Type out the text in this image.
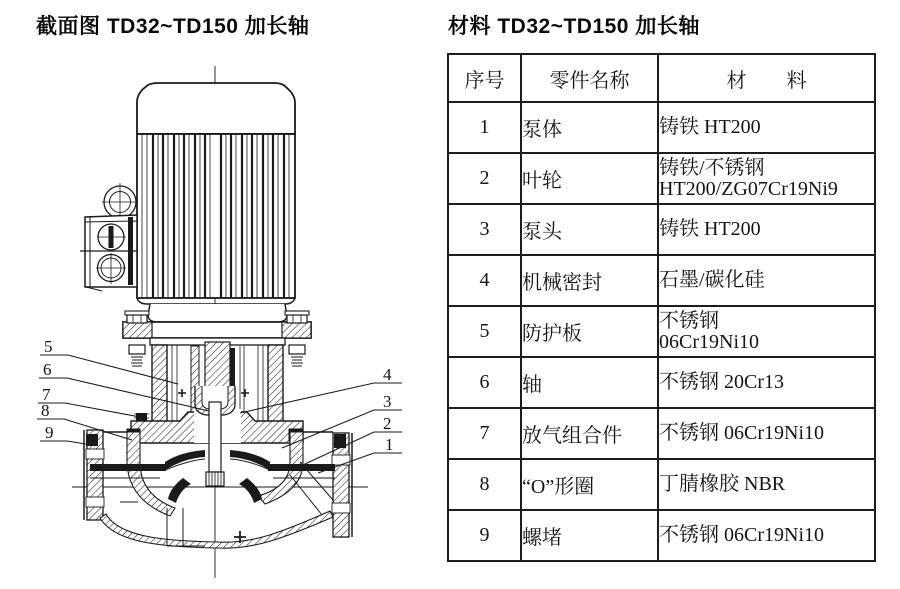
截面图 TD32~TD150 加长轴	材料 TD32~TD150 加长轴
序号	零件名称	材　　料
1	泵体	铸铁 HT200

2	叶轮	铸铁/不锈钢
HT200/ZG07Cr19Ni9

3	泵头	铸铁 HT200

4	机械密封	石墨/碳化硅

5	防护板	不锈钢
06Cr19Ni10

6	轴	不锈钢 20Cr13

7	放气组合件	不锈钢 06Cr19Ni10

8	“O”形圈	丁腈橡胶 NBR

9	螺堵	不锈钢 06Cr19Ni10
5
6
7
8
9
4
3
2
1
